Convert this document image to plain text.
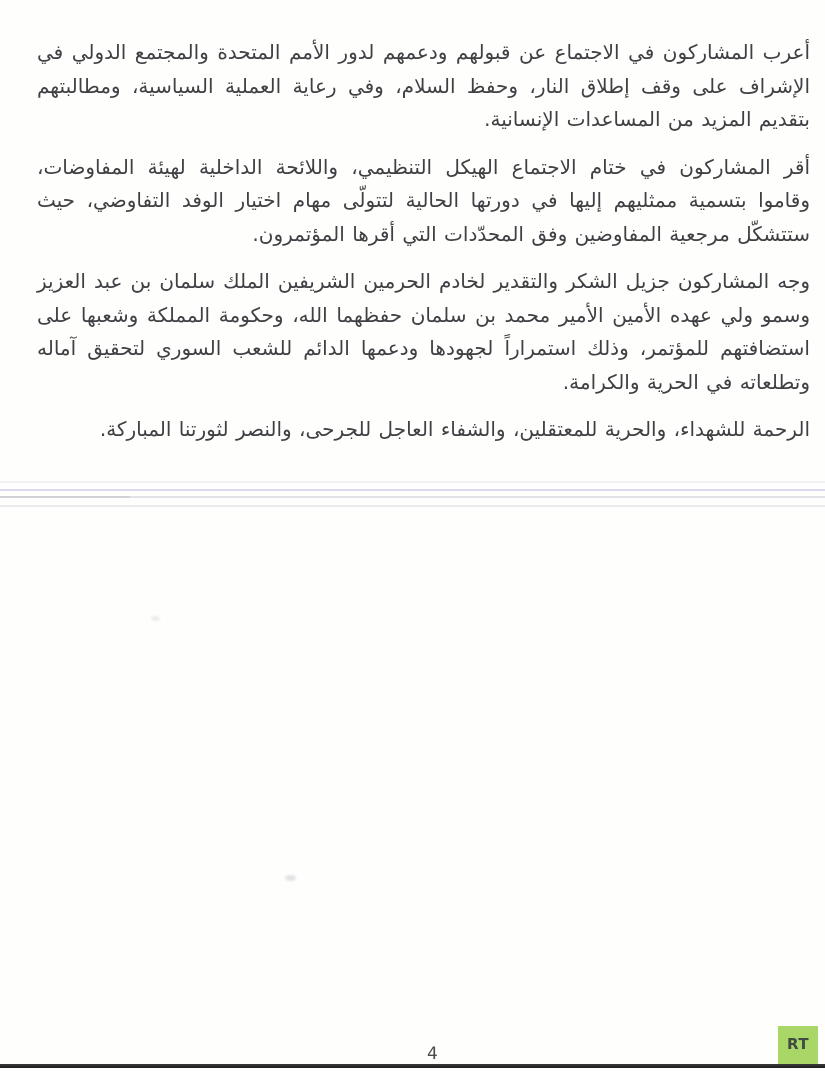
أعرب المشاركون في الاجتماع عن قبولهم ودعمهم لدور الأمم المتحدة والمجتمع الدولي في الإشراف على وقف إطلاق النار، وحفظ السلام، وفي رعاية العملية السياسية، ومطالبتهم بتقديم المزيد من المساعدات الإنسانية.

أقر المشاركون في ختام الاجتماع الهيكل التنظيمي، واللائحة الداخلية لهيئة المفاوضات، وقاموا بتسمية ممثليهم إليها في دورتها الحالية لتتولّى مهام اختيار الوفد التفاوضي، حيث ستتشكّل مرجعية المفاوضين وفق المحدّدات التي أقرها المؤتمرون.

وجه المشاركون جزيل الشكر والتقدير لخادم الحرمين الشريفين الملك سلمان بن عبد العزيز وسمو ولي عهده الأمين الأمير محمد بن سلمان حفظهما الله، وحكومة المملكة وشعبها على استضافتهم للمؤتمر، وذلك استمراراً لجهودها ودعمها الدائم للشعب السوري لتحقيق آماله وتطلعاته في الحرية والكرامة.

الرحمة للشهداء، والحرية للمعتقلين، والشفاء العاجل للجرحى، والنصر لثورتنا المباركة.

4
RT
